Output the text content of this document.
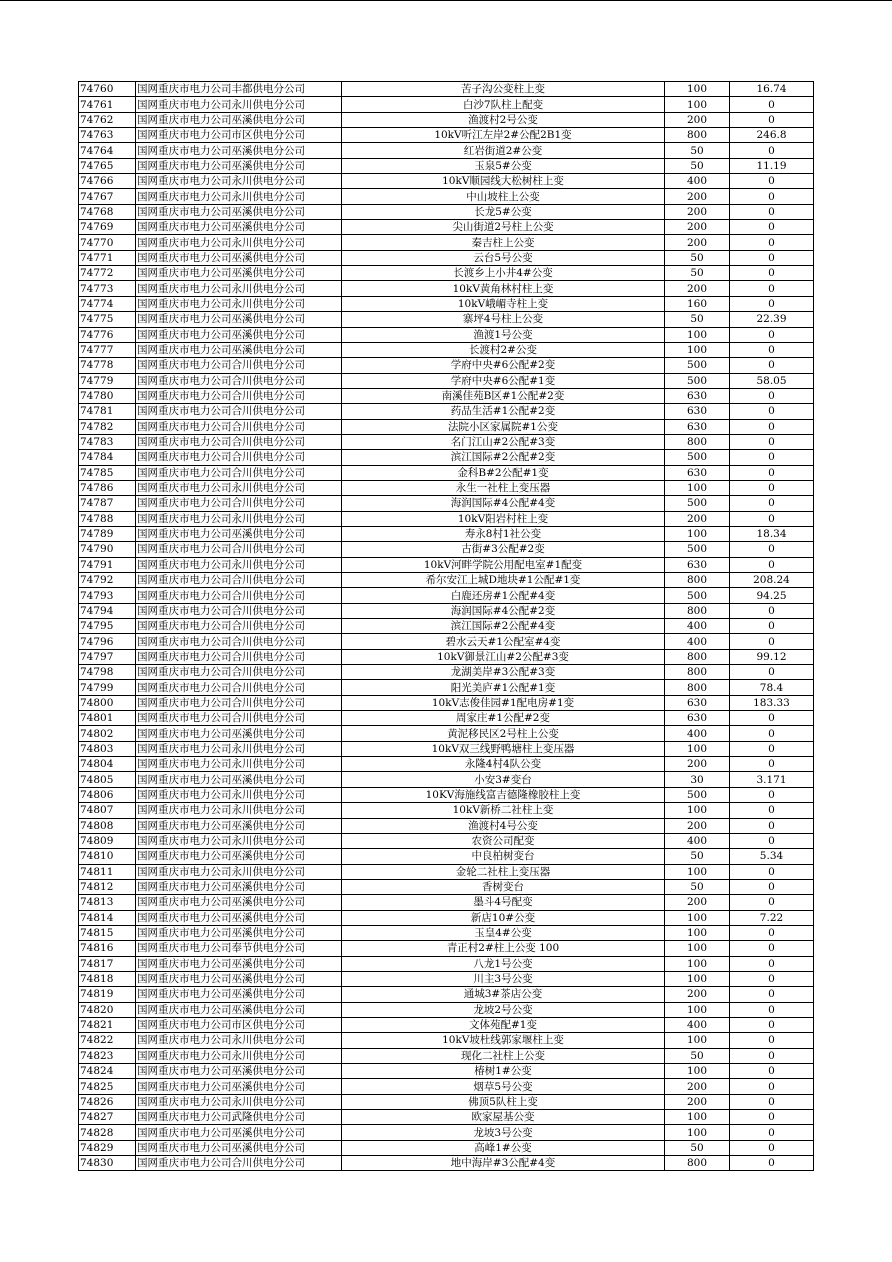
74760	国网重庆市电力公司丰都供电分公司	苦子沟公变柱上变	100	16.74
74761	国网重庆市电力公司永川供电分公司	白沙7队柱上配变	100	0
74762	国网重庆市电力公司巫溪供电分公司	渔渡村2号公变	200	0
74763	国网重庆市电力公司市区供电分公司	10kV听江左岸2#公配2B1变	800	246.8
74764	国网重庆市电力公司巫溪供电分公司	红岩街道2#公变	50	0
74765	国网重庆市电力公司巫溪供电分公司	玉泉5#公变	50	11.19
74766	国网重庆市电力公司永川供电分公司	10kV顺园线大松树柱上变	400	0
74767	国网重庆市电力公司永川供电分公司	中山坡柱上公变	200	0
74768	国网重庆市电力公司巫溪供电分公司	长龙5#公变	200	0
74769	国网重庆市电力公司巫溪供电分公司	尖山街道2号柱上公变	200	0
74770	国网重庆市电力公司永川供电分公司	秦吉柱上公变	200	0
74771	国网重庆市电力公司巫溪供电分公司	云台5号公变	50	0
74772	国网重庆市电力公司巫溪供电分公司	长渡乡上小井4#公变	50	0
74773	国网重庆市电力公司永川供电分公司	10kV黄角林村柱上变	200	0
74774	国网重庆市电力公司永川供电分公司	10kV峨嵋寺柱上变	160	0
74775	国网重庆市电力公司巫溪供电分公司	寨坪4号柱上公变	50	22.39
74776	国网重庆市电力公司巫溪供电分公司	渔渡1号公变	100	0
74777	国网重庆市电力公司巫溪供电分公司	长渡村2#公变	100	0
74778	国网重庆市电力公司合川供电分公司	学府中央#6公配#2变	500	0
74779	国网重庆市电力公司合川供电分公司	学府中央#6公配#1变	500	58.05
74780	国网重庆市电力公司合川供电分公司	南溪佳苑B区#1公配#2变	630	0
74781	国网重庆市电力公司合川供电分公司	药品生活#1公配#2变	630	0
74782	国网重庆市电力公司合川供电分公司	法院小区家属院#1公变	630	0
74783	国网重庆市电力公司合川供电分公司	名门江山#2公配#3变	800	0
74784	国网重庆市电力公司合川供电分公司	滨江国际#2公配#2变	500	0
74785	国网重庆市电力公司合川供电分公司	金科B#2公配#1变	630	0
74786	国网重庆市电力公司永川供电分公司	永生一社柱上变压器	100	0
74787	国网重庆市电力公司合川供电分公司	海润国际#4公配#4变	500	0
74788	国网重庆市电力公司永川供电分公司	10kV阳岩村柱上变	200	0
74789	国网重庆市电力公司巫溪供电分公司	寿永8村1社公变	100	18.34
74790	国网重庆市电力公司合川供电分公司	古街#3公配#2变	500	0
74791	国网重庆市电力公司永川供电分公司	10kV河畔学院公用配电室#1配变	630	0
74792	国网重庆市电力公司合川供电分公司	希尔安江上城D地块#1公配#1变	800	208.24
74793	国网重庆市电力公司合川供电分公司	白鹿还房#1公配#4变	500	94.25
74794	国网重庆市电力公司合川供电分公司	海润国际#4公配#2变	800	0
74795	国网重庆市电力公司合川供电分公司	滨江国际#2公配#4变	400	0
74796	国网重庆市电力公司合川供电分公司	碧水云天#1公配室#4变	400	0
74797	国网重庆市电力公司合川供电分公司	10kV御景江山#2公配#3变	800	99.12
74798	国网重庆市电力公司合川供电分公司	龙湖美岸#3公配#3变	800	0
74799	国网重庆市电力公司合川供电分公司	阳光美庐#1公配#1变	800	78.4
74800	国网重庆市电力公司合川供电分公司	10kV志俊佳园#1配电房#1变	630	183.33
74801	国网重庆市电力公司合川供电分公司	周家庄#1公配#2变	630	0
74802	国网重庆市电力公司巫溪供电分公司	黄泥移民区2号柱上公变	400	0
74803	国网重庆市电力公司永川供电分公司	10kV双三线野鸭塘柱上变压器	100	0
74804	国网重庆市电力公司永川供电分公司	永隆4村4队公变	200	0
74805	国网重庆市电力公司巫溪供电分公司	小安3#变台	30	3.171
74806	国网重庆市电力公司永川供电分公司	10KV海施线富吉德隆橡胶柱上变	500	0
74807	国网重庆市电力公司永川供电分公司	10kV新桥二社柱上变	100	0
74808	国网重庆市电力公司巫溪供电分公司	渔渡村4号公变	200	0
74809	国网重庆市电力公司永川供电分公司	农资公司配变	400	0
74810	国网重庆市电力公司巫溪供电分公司	中良柏树变台	50	5.34
74811	国网重庆市电力公司永川供电分公司	金轮二社柱上变压器	100	0
74812	国网重庆市电力公司巫溪供电分公司	香树变台	50	0
74813	国网重庆市电力公司巫溪供电分公司	墨斗4号配变	200	0
74814	国网重庆市电力公司巫溪供电分公司	新店10#公变	100	7.22
74815	国网重庆市电力公司巫溪供电分公司	玉皇4#公变	100	0
74816	国网重庆市电力公司奉节供电分公司	青正村2#柱上公变 100	100	0
74817	国网重庆市电力公司巫溪供电分公司	八龙1号公变	100	0
74818	国网重庆市电力公司巫溪供电分公司	川主3号公变	100	0
74819	国网重庆市电力公司巫溪供电分公司	通城3#茶店公变	200	0
74820	国网重庆市电力公司巫溪供电分公司	龙坡2号公变	100	0
74821	国网重庆市电力公司市区供电分公司	文体苑配#1变	400	0
74822	国网重庆市电力公司永川供电分公司	10kV坡杜线郭家堰柱上变	100	0
74823	国网重庆市电力公司永川供电分公司	现化二社柱上公变	50	0
74824	国网重庆市电力公司巫溪供电分公司	椿树1#公变	100	0
74825	国网重庆市电力公司巫溪供电分公司	烟草5号公变	200	0
74826	国网重庆市电力公司永川供电分公司	佛顶5队柱上变	200	0
74827	国网重庆市电力公司武隆供电分公司	欧家屋基公变	100	0
74828	国网重庆市电力公司巫溪供电分公司	龙坡3号公变	100	0
74829	国网重庆市电力公司巫溪供电分公司	高峰1#公变	50	0
74830	国网重庆市电力公司合川供电分公司	地中海岸#3公配#4变	800	0
